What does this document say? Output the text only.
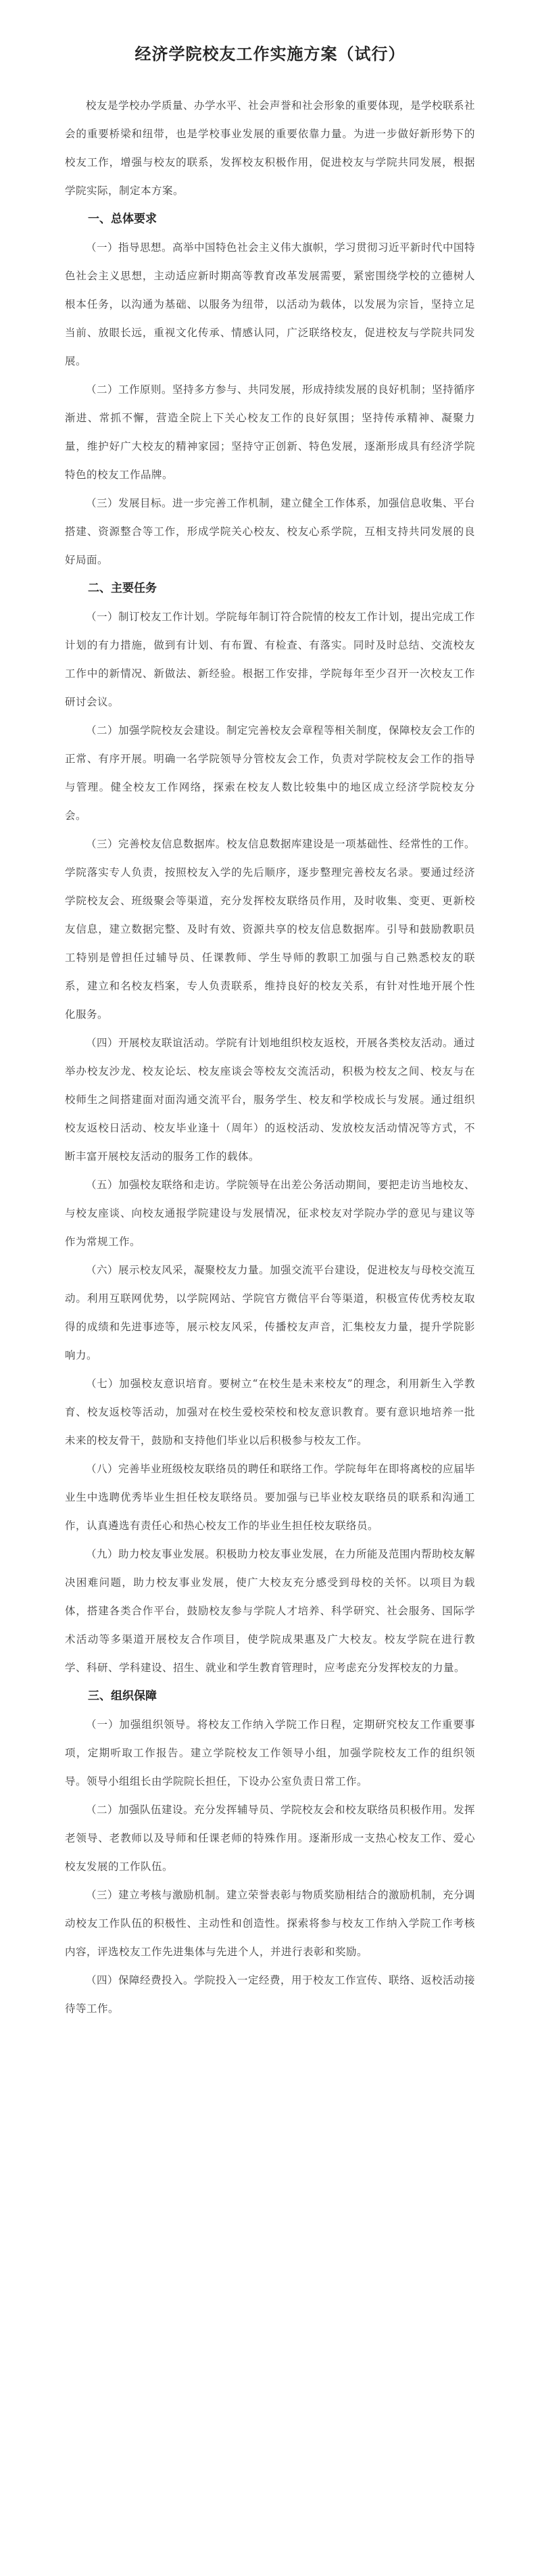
经济学院校友工作实施方案（试行）

校友是学校办学质量、办学水平、社会声誉和社会形象的重要体现，是学校联系社会的重要桥梁和纽带，也是学校事业发展的重要依靠力量。为进一步做好新形势下的校友工作，增强与校友的联系，发挥校友积极作用，促进校友与学院共同发展，根据学院实际，制定本方案。

一、总体要求

（一）指导思想。高举中国特色社会主义伟大旗帜，学习贯彻习近平新时代中国特色社会主义思想，主动适应新时期高等教育改革发展需要，紧密围绕学校的立德树人根本任务，以沟通为基础、以服务为纽带，以活动为载体，以发展为宗旨，坚持立足当前、放眼长远，重视文化传承、情感认同，广泛联络校友，促进校友与学院共同发展。

（二）工作原则。坚持多方参与、共同发展，形成持续发展的良好机制；坚持循序渐进、常抓不懈，营造全院上下关心校友工作的良好氛围；坚持传承精神、凝聚力量，维护好广大校友的精神家园；坚持守正创新、特色发展，逐渐形成具有经济学院特色的校友工作品牌。

（三）发展目标。进一步完善工作机制，建立健全工作体系，加强信息收集、平台搭建、资源整合等工作，形成学院关心校友、校友心系学院，互相支持共同发展的良好局面。

二、主要任务

（一）制订校友工作计划。学院每年制订符合院情的校友工作计划，提出完成工作计划的有力措施，做到有计划、有布置、有检查、有落实。同时及时总结、交流校友工作中的新情况、新做法、新经验。根据工作安排，学院每年至少召开一次校友工作研讨会议。

（二）加强学院校友会建设。制定完善校友会章程等相关制度，保障校友会工作的正常、有序开展。明确一名学院领导分管校友会工作，负责对学院校友会工作的指导与管理。健全校友工作网络，探索在校友人数比较集中的地区成立经济学院校友分会。

（三）完善校友信息数据库。校友信息数据库建设是一项基础性、经常性的工作。学院落实专人负责，按照校友入学的先后顺序，逐步整理完善校友名录。要通过经济学院校友会、班级聚会等渠道，充分发挥校友联络员作用，及时收集、变更、更新校友信息，建立数据完整、及时有效、资源共享的校友信息数据库。引导和鼓励教职员工特别是曾担任过辅导员、任课教师、学生导师的教职工加强与自己熟悉校友的联系，建立和名校友档案，专人负责联系，维持良好的校友关系，有针对性地开展个性化服务。

（四）开展校友联谊活动。学院有计划地组织校友返校，开展各类校友活动。通过举办校友沙龙、校友论坛、校友座谈会等校友交流活动，积极为校友之间、校友与在校师生之间搭建面对面沟通交流平台，服务学生、校友和学校成长与发展。通过组织校友返校日活动、校友毕业逢十（周年）的返校活动、发放校友活动情况等方式，不断丰富开展校友活动的服务工作的载体。

（五）加强校友联络和走访。学院领导在出差公务活动期间，要把走访当地校友、与校友座谈、向校友通报学院建设与发展情况，征求校友对学院办学的意见与建议等作为常规工作。

（六）展示校友风采，凝聚校友力量。加强交流平台建设，促进校友与母校交流互动。利用互联网优势，以学院网站、学院官方微信平台等渠道，积极宣传优秀校友取得的成绩和先进事迹等，展示校友风采，传播校友声音，汇集校友力量，提升学院影响力。

（七）加强校友意识培育。要树立“在校生是未来校友”的理念，利用新生入学教育、校友返校等活动，加强对在校生爱校荣校和校友意识教育。要有意识地培养一批未来的校友骨干，鼓励和支持他们毕业以后积极参与校友工作。

（八）完善毕业班级校友联络员的聘任和联络工作。学院每年在即将离校的应届毕业生中选聘优秀毕业生担任校友联络员。要加强与已毕业校友联络员的联系和沟通工作，认真遴选有责任心和热心校友工作的毕业生担任校友联络员。

（九）助力校友事业发展。积极助力校友事业发展，在力所能及范围内帮助校友解决困难问题，助力校友事业发展，使广大校友充分感受到母校的关怀。以项目为载体，搭建各类合作平台，鼓励校友参与学院人才培养、科学研究、社会服务、国际学术活动等多渠道开展校友合作项目，使学院成果惠及广大校友。校友学院在进行教学、科研、学科建设、招生、就业和学生教育管理时，应考虑充分发挥校友的力量。

三、组织保障

（一）加强组织领导。将校友工作纳入学院工作日程，定期研究校友工作重要事项，定期听取工作报告。建立学院校友工作领导小组，加强学院校友工作的组织领导。领导小组组长由学院院长担任，下设办公室负责日常工作。

（二）加强队伍建设。充分发挥辅导员、学院校友会和校友联络员积极作用。发挥老领导、老教师以及导师和任课老师的特殊作用。逐渐形成一支热心校友工作、爱心校友发展的工作队伍。

（三）建立考核与激励机制。建立荣誉表彰与物质奖励相结合的激励机制，充分调动校友工作队伍的积极性、主动性和创造性。探索将参与校友工作纳入学院工作考核内容，评选校友工作先进集体与先进个人，并进行表彰和奖励。

（四）保障经费投入。学院投入一定经费，用于校友工作宣传、联络、返校活动接待等工作。
